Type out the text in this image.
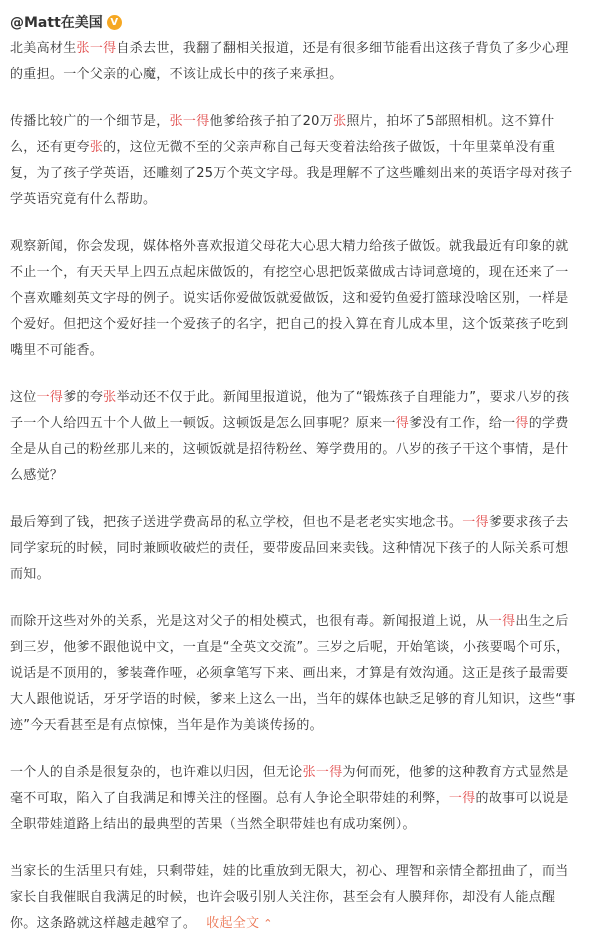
@Matt在美国 V

北美高材生张一得自杀去世，我翻了翻相关报道，还是有很多细节能看出这孩子背负了多少心理的重担。一个父亲的心魔，不该让成长中的孩子来承担。

传播比较广的一个细节是，张一得他爹给孩子拍了20万张照片，拍坏了5部照相机。这不算什么，还有更夸张的，这位无微不至的父亲声称自己每天变着法给孩子做饭，十年里菜单没有重复，为了孩子学英语，还雕刻了25万个英文字母。我是理解不了这些雕刻出来的英语字母对孩子学英语究竟有什么帮助。

观察新闻，你会发现，媒体格外喜欢报道父母花大心思大精力给孩子做饭。就我最近有印象的就不止一个，有天天早上四五点起床做饭的，有挖空心思把饭菜做成古诗词意境的，现在还来了一个喜欢雕刻英文字母的例子。说实话你爱做饭就爱做饭，这和爱钓鱼爱打篮球没啥区别，一样是个爱好。但把这个爱好挂一个爱孩子的名字，把自己的投入算在育儿成本里，这个饭菜孩子吃到嘴里不可能香。

这位一得爹的夸张举动还不仅于此。新闻里报道说，他为了“锻炼孩子自理能力”，要求八岁的孩子一个人给四五十个人做上一顿饭。这顿饭是怎么回事呢？原来一得爹没有工作，给一得的学费全是从自己的粉丝那儿来的，这顿饭就是招待粉丝、筹学费用的。八岁的孩子干这个事情，是什么感觉？

最后筹到了钱，把孩子送进学费高昂的私立学校，但也不是老老实实地念书。一得爹要求孩子去同学家玩的时候，同时兼顾收破烂的责任，要带废品回来卖钱。这种情况下孩子的人际关系可想而知。

而除开这些对外的关系，光是这对父子的相处模式，也很有毒。新闻报道上说，从一得出生之后到三岁，他爹不跟他说中文，一直是“全英文交流”。三岁之后呢，开始笔谈，小孩要喝个可乐，说话是不顶用的，爹装聋作哑，必须拿笔写下来、画出来，才算是有效沟通。这正是孩子最需要大人跟他说话，牙牙学语的时候，爹来上这么一出，当年的媒体也缺乏足够的育儿知识，这些“事迹”今天看甚至是有点惊悚，当年是作为美谈传扬的。

一个人的自杀是很复杂的，也许难以归因，但无论张一得为何而死，他爹的这种教育方式显然是毫不可取，陷入了自我满足和博关注的怪圈。总有人争论全职带娃的利弊，一得的故事可以说是全职带娃道路上结出的最典型的苦果（当然全职带娃也有成功案例）。

当家长的生活里只有娃，只剩带娃，娃的比重放到无限大，初心、理智和亲情全都扭曲了，而当家长自我催眠自我满足的时候，也许会吸引别人关注你，甚至会有人膜拜你，却没有人能点醒你。这条路就这样越走越窄了。 收起全文 ⌃
